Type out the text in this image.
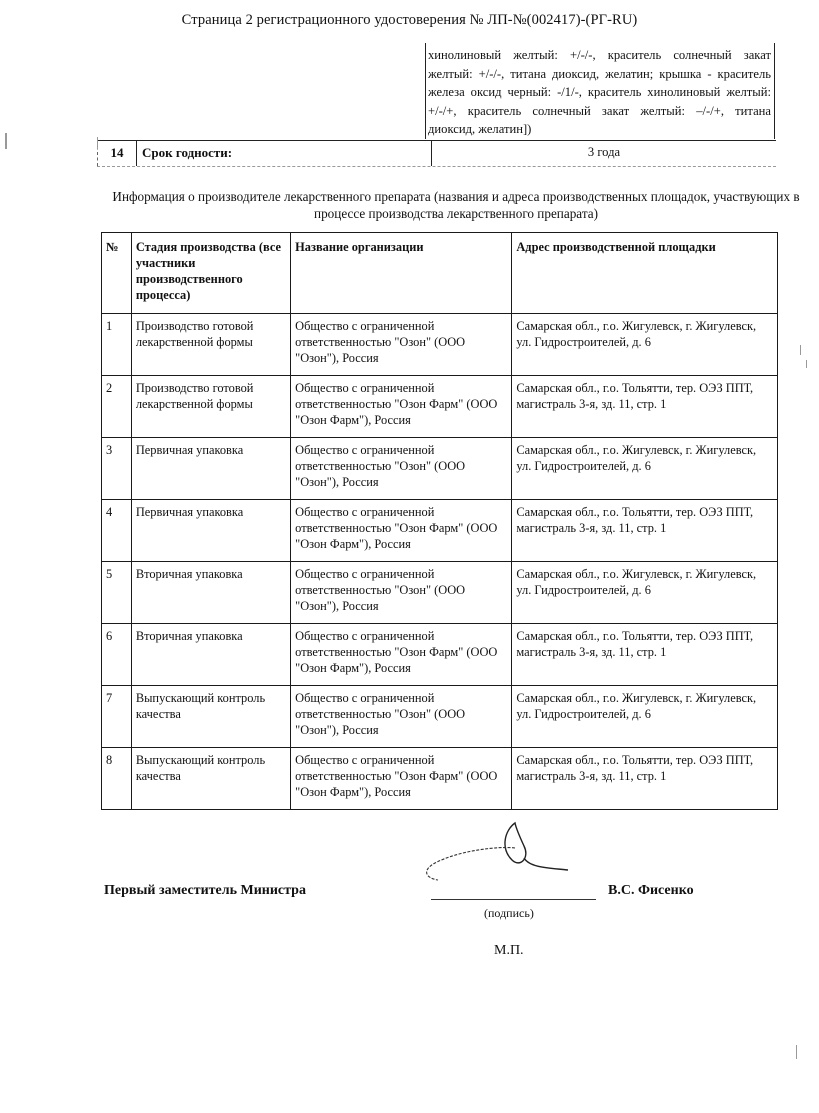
Страница 2 регистрационного удостоверения № ЛП-№(002417)-(РГ-RU)
хинолиновый желтый: +/-/-, краситель солнечный закат желтый: +/-/-, титана диоксид, желатин; крышка - краситель железа оксид черный: -/1/-, краситель хинолиновый желтый: +/-/+, краситель солнечный закат желтый: –/-/+, титана диоксид, желатин])
14	Срок годности:	3 года
Информация о производителе лекарственного препарата (названия и адреса производственных площадок, участвующих в процессе производства лекарственного препарата)
№	Стадия производства (все участники производственного процесса)	Название организации	Адрес производственной площадки
1	Производство готовой лекарственной формы	Общество с ограниченной ответственностью "Озон" (ООО "Озон"), Россия	Самарская обл., г.о. Жигулевск, г. Жигулевск, ул. Гидростроителей, д. 6
2	Производство готовой лекарственной формы	Общество с ограниченной ответственностью "Озон Фарм" (ООО "Озон Фарм"), Россия	Самарская обл., г.о. Тольятти, тер. ОЭЗ ППТ, магистраль 3-я, зд. 11, стр. 1
3	Первичная упаковка	Общество с ограниченной ответственностью "Озон" (ООО "Озон"), Россия	Самарская обл., г.о. Жигулевск, г. Жигулевск, ул. Гидростроителей, д. 6
4	Первичная упаковка	Общество с ограниченной ответственностью "Озон Фарм" (ООО "Озон Фарм"), Россия	Самарская обл., г.о. Тольятти, тер. ОЭЗ ППТ, магистраль 3-я, зд. 11, стр. 1
5	Вторичная упаковка	Общество с ограниченной ответственностью "Озон" (ООО "Озон"), Россия	Самарская обл., г.о. Жигулевск, г. Жигулевск, ул. Гидростроителей, д. 6
6	Вторичная упаковка	Общество с ограниченной ответственностью "Озон Фарм" (ООО "Озон Фарм"), Россия	Самарская обл., г.о. Тольятти, тер. ОЭЗ ППТ, магистраль 3-я, зд. 11, стр. 1
7	Выпускающий контроль качества	Общество с ограниченной ответственностью "Озон" (ООО "Озон"), Россия	Самарская обл., г.о. Жигулевск, г. Жигулевск, ул. Гидростроителей, д. 6
8	Выпускающий контроль качества	Общество с ограниченной ответственностью "Озон Фарм" (ООО "Озон Фарм"), Россия	Самарская обл., г.о. Тольятти, тер. ОЭЗ ППТ, магистраль 3-я, зд. 11, стр. 1
Первый заместитель Министра	В.С. Фисенко
(подпись)
М.П.
